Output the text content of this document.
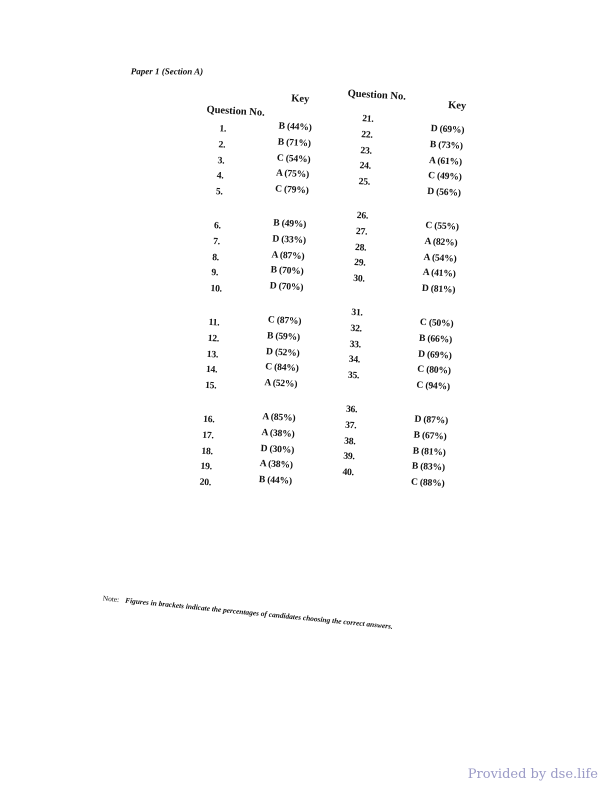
Paper 1 (Section A)
Question No.
Key	Question No.
Key
1.
2.
3.
4.
5.
6.
7.
8.
9.
10.
11.
12.
13.
14.
15.
16.
17.
18.
19.
20.
B (44%)
B (71%)
C (54%)
A (75%)
C (79%)
B (49%)
D (33%)
A (87%)
B (70%)
D (70%)
C (87%)
B (59%)
D (52%)
C (84%)
A (52%)
A (85%)
A (38%)
D (30%)
A (38%)
B (44%)
21.
22.
23.
24.
25.
26.
27.
28.
29.
30.
31.
32.
33.
34.
35.
36.
37.
38.
39.
40.
D (69%)
B (73%)
A (61%)
C (49%)
D (56%)
C (55%)
A (82%)
A (54%)
A (41%)
D (81%)
C (50%)
B (66%)
D (69%)
C (80%)
C (94%)
D (87%)
B (67%)
B (81%)
B (83%)
C (88%)
Note: Figures in brackets indicate the percentages of candidates choosing the correct answers.
Provided by dse.life
